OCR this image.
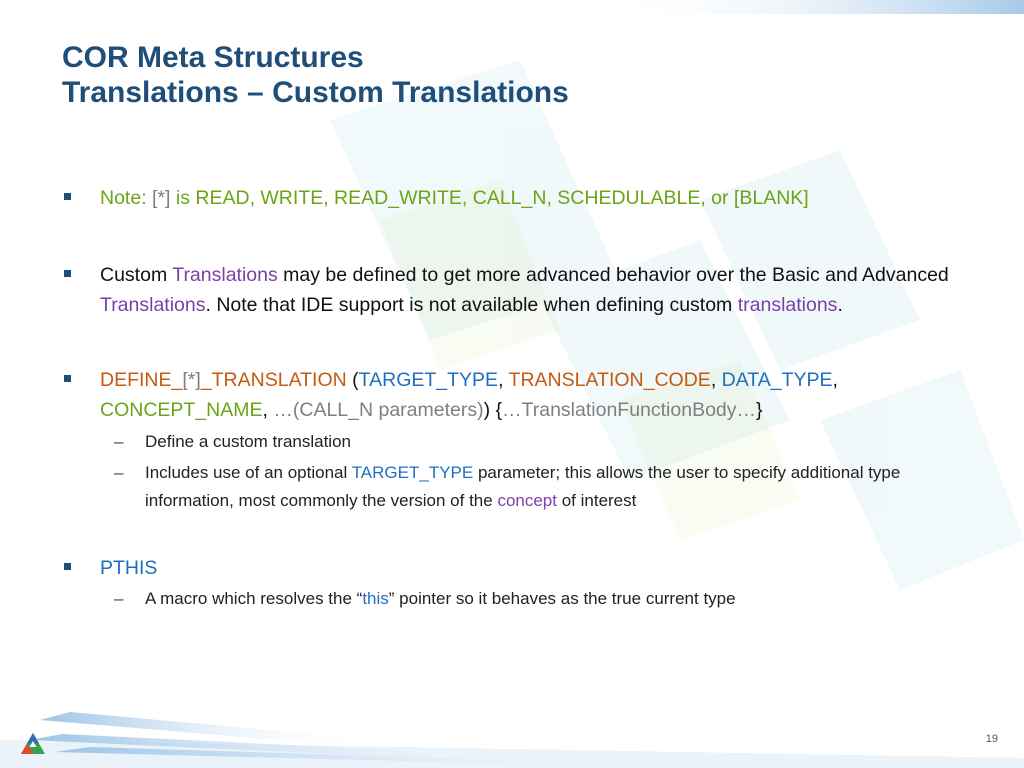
COR Meta Structures
Translations – Custom Translations
Note: [*] is READ, WRITE, READ_WRITE, CALL_N, SCHEDULABLE, or [BLANK]
Custom Translations may be defined to get more advanced behavior over the Basic and Advanced Translations. Note that IDE support is not available when defining custom translations.
DEFINE_[*]_TRANSLATION (TARGET_TYPE, TRANSLATION_CODE, DATA_TYPE,
CONCEPT_NAME, …(CALL_N parameters)) {…TranslationFunctionBody…}
– Define a custom translation
– Includes use of an optional TARGET_TYPE parameter; this allows the user to specify additional type information, most commonly the version of the concept of interest
PTHIS
– A macro which resolves the “this” pointer so it behaves as the true current type
19
